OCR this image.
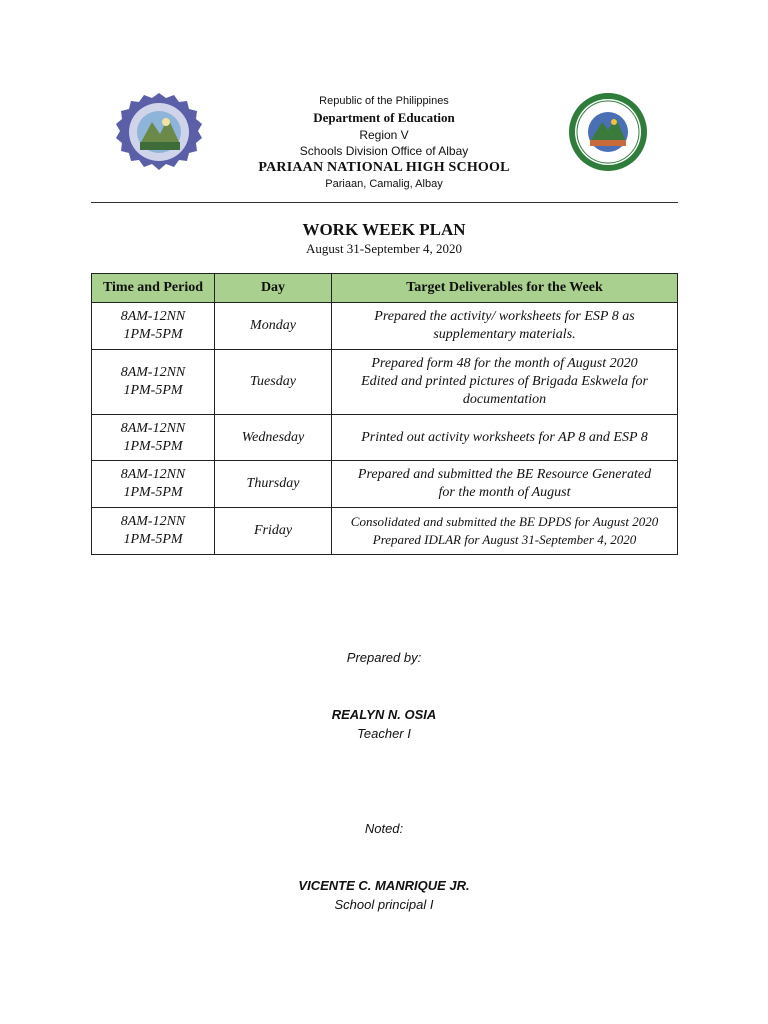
Republic of the Philippines
Department of Education
Region V
Schools Division Office of Albay
PARIAAN NATIONAL HIGH SCHOOL
Pariaan, Camalig, Albay
WORK WEEK PLAN
August 31-September 4, 2020
Time and Period	Day	Target Deliverables for the Week

8AM-12NN
1PM-5PM	Monday	Prepared the activity/ worksheets for ESP 8 as
supplementary materials.

8AM-12NN
1PM-5PM	Tuesday	Prepared form 48 for the month of August 2020
Edited and printed pictures of Brigada Eskwela for
documentation

8AM-12NN
1PM-5PM	Wednesday	Printed out activity worksheets for AP 8 and ESP 8

8AM-12NN
1PM-5PM	Thursday	Prepared and submitted the BE Resource Generated
for the month of August

8AM-12NN
1PM-5PM	Friday	Consolidated and submitted the BE DPDS for August 2020
Prepared IDLAR for August 31-September 4, 2020
Prepared by:
REALYN N. OSIA
Teacher I
Noted:
VICENTE C. MANRIQUE JR.
School principal I
